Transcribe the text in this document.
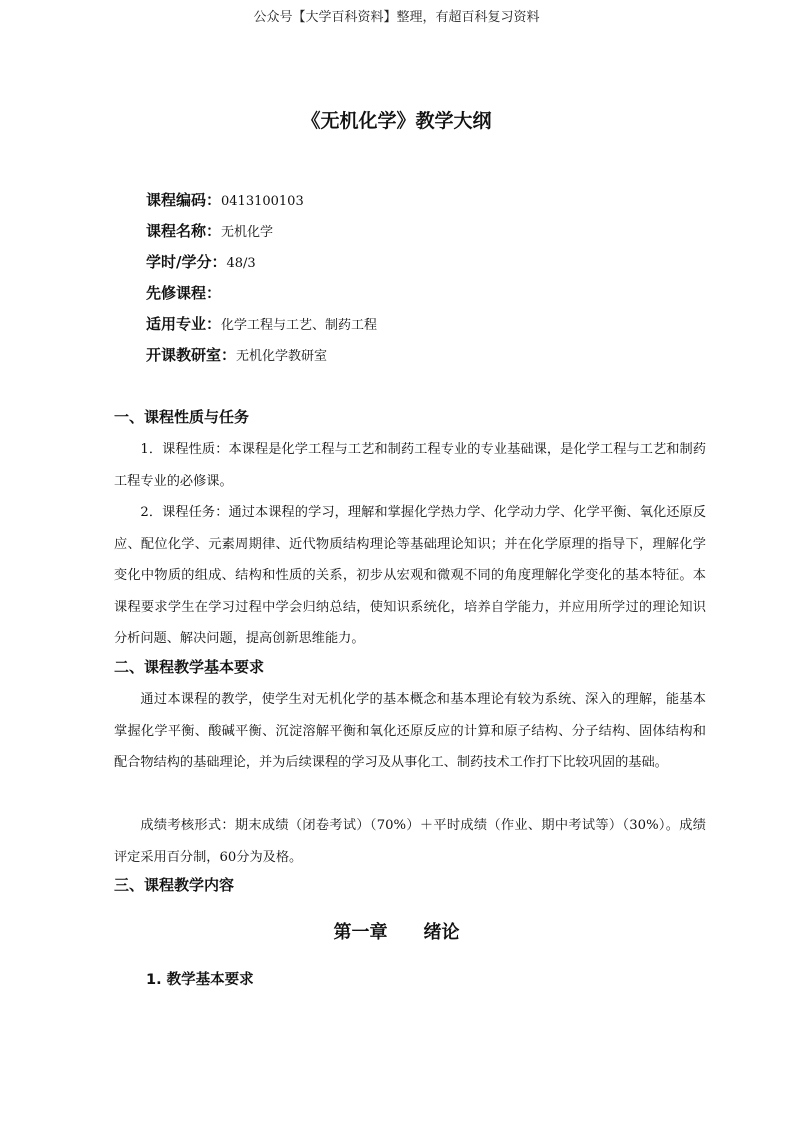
公众号【大学百科资料】整理，有超百科复习资料
《无机化学》教学大纲
课程编码：0413100103
课程名称：无机化学
学时/学分：48/3
先修课程：
适用专业：化学工程与工艺、制药工程
开课教研室：无机化学教研室
一、课程性质与任务

1．课程性质：本课程是化学工程与工艺和制药工程专业的专业基础课，是化学工程与工艺和制药工程专业的必修课。

2．课程任务：通过本课程的学习，理解和掌握化学热力学、化学动力学、化学平衡、氧化还原反应、配位化学、元素周期律、近代物质结构理论等基础理论知识；并在化学原理的指导下，理解化学变化中物质的组成、结构和性质的关系，初步从宏观和微观不同的角度理解化学变化的基本特征。本课程要求学生在学习过程中学会归纳总结，使知识系统化，培养自学能力，并应用所学过的理论知识分析问题、解决问题，提高创新思维能力。

二、课程教学基本要求

通过本课程的教学，使学生对无机化学的基本概念和基本理论有较为系统、深入的理解，能基本掌握化学平衡、酸碱平衡、沉淀溶解平衡和氧化还原反应的计算和原子结构、分子结构、固体结构和配合物结构的基础理论，并为后续课程的学习及从事化工、制药技术工作打下比较巩固的基础。

成绩考核形式：期末成绩（闭卷考试）（70%）＋平时成绩（作业、期中考试等）（30%）。成绩评定采用百分制，60分为及格。

三、课程教学内容
第一章　　绪论
1. 教学基本要求
